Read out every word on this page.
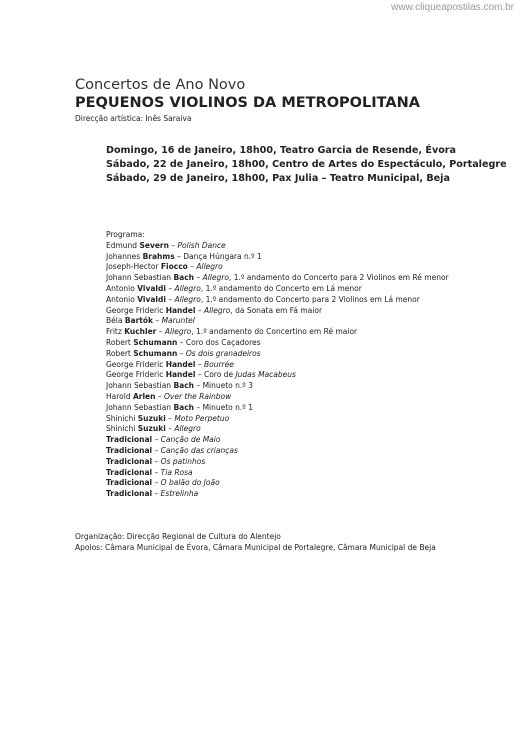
www.cliqueapostilas.com.br
Concertos de Ano Novo
PEQUENOS VIOLINOS DA METROPOLITANA
Direcção artística: Inês Saraiva
Domingo, 16 de Janeiro, 18h00, Teatro Garcia de Resende, Évora
Sábado, 22 de Janeiro, 18h00, Centro de Artes do Espectáculo, Portalegre
Sábado, 29 de Janeiro, 18h00, Pax Julia – Teatro Municipal, Beja
Programa:
Edmund Severn – Polish Dance
Johannes Brahms – Dança Húngara n.º 1
Joseph-Hector Fiocco – Allegro
Johann Sebastian Bach – Allegro, 1.º andamento do Concerto para 2 Violinos em Ré menor
Antonio Vivaldi – Allegro, 1.º andamento do Concerto em Lá menor
Antonio Vivaldi – Allegro, 1.º andamento do Concerto para 2 Violinos em Lá menor
George Frideric Handel – Allegro, da Sonata em Fá maior
Béla Bartók – Maruntel
Fritz Kuchler – Allegro, 1.º andamento do Concertino em Ré maior
Robert Schumann – Coro dos Caçadores
Robert Schumann – Os dois granadeiros
George Frideric Handel – Bourrée
George Frideric Handel – Coro de Judas Macabeus
Johann Sebastian Bach – Minueto n.º 3
Harold Arlen – Over the Rainbow
Johann Sebastian Bach – Minueto n.º 1
Shinichi Suzuki – Moto Perpetuo
Shinichi Suzuki – Allegro
Tradicional – Canção de Maio
Tradicional – Canção das crianças
Tradicional – Os patinhos
Tradicional – Tia Rosa
Tradicional – O balão do João
Tradicional – Estrelinha
Organização: Direcção Regional de Cultura do Alentejo
Apoios: Câmara Municipal de Évora, Câmara Municipal de Portalegre, Câmara Municipal de Beja
